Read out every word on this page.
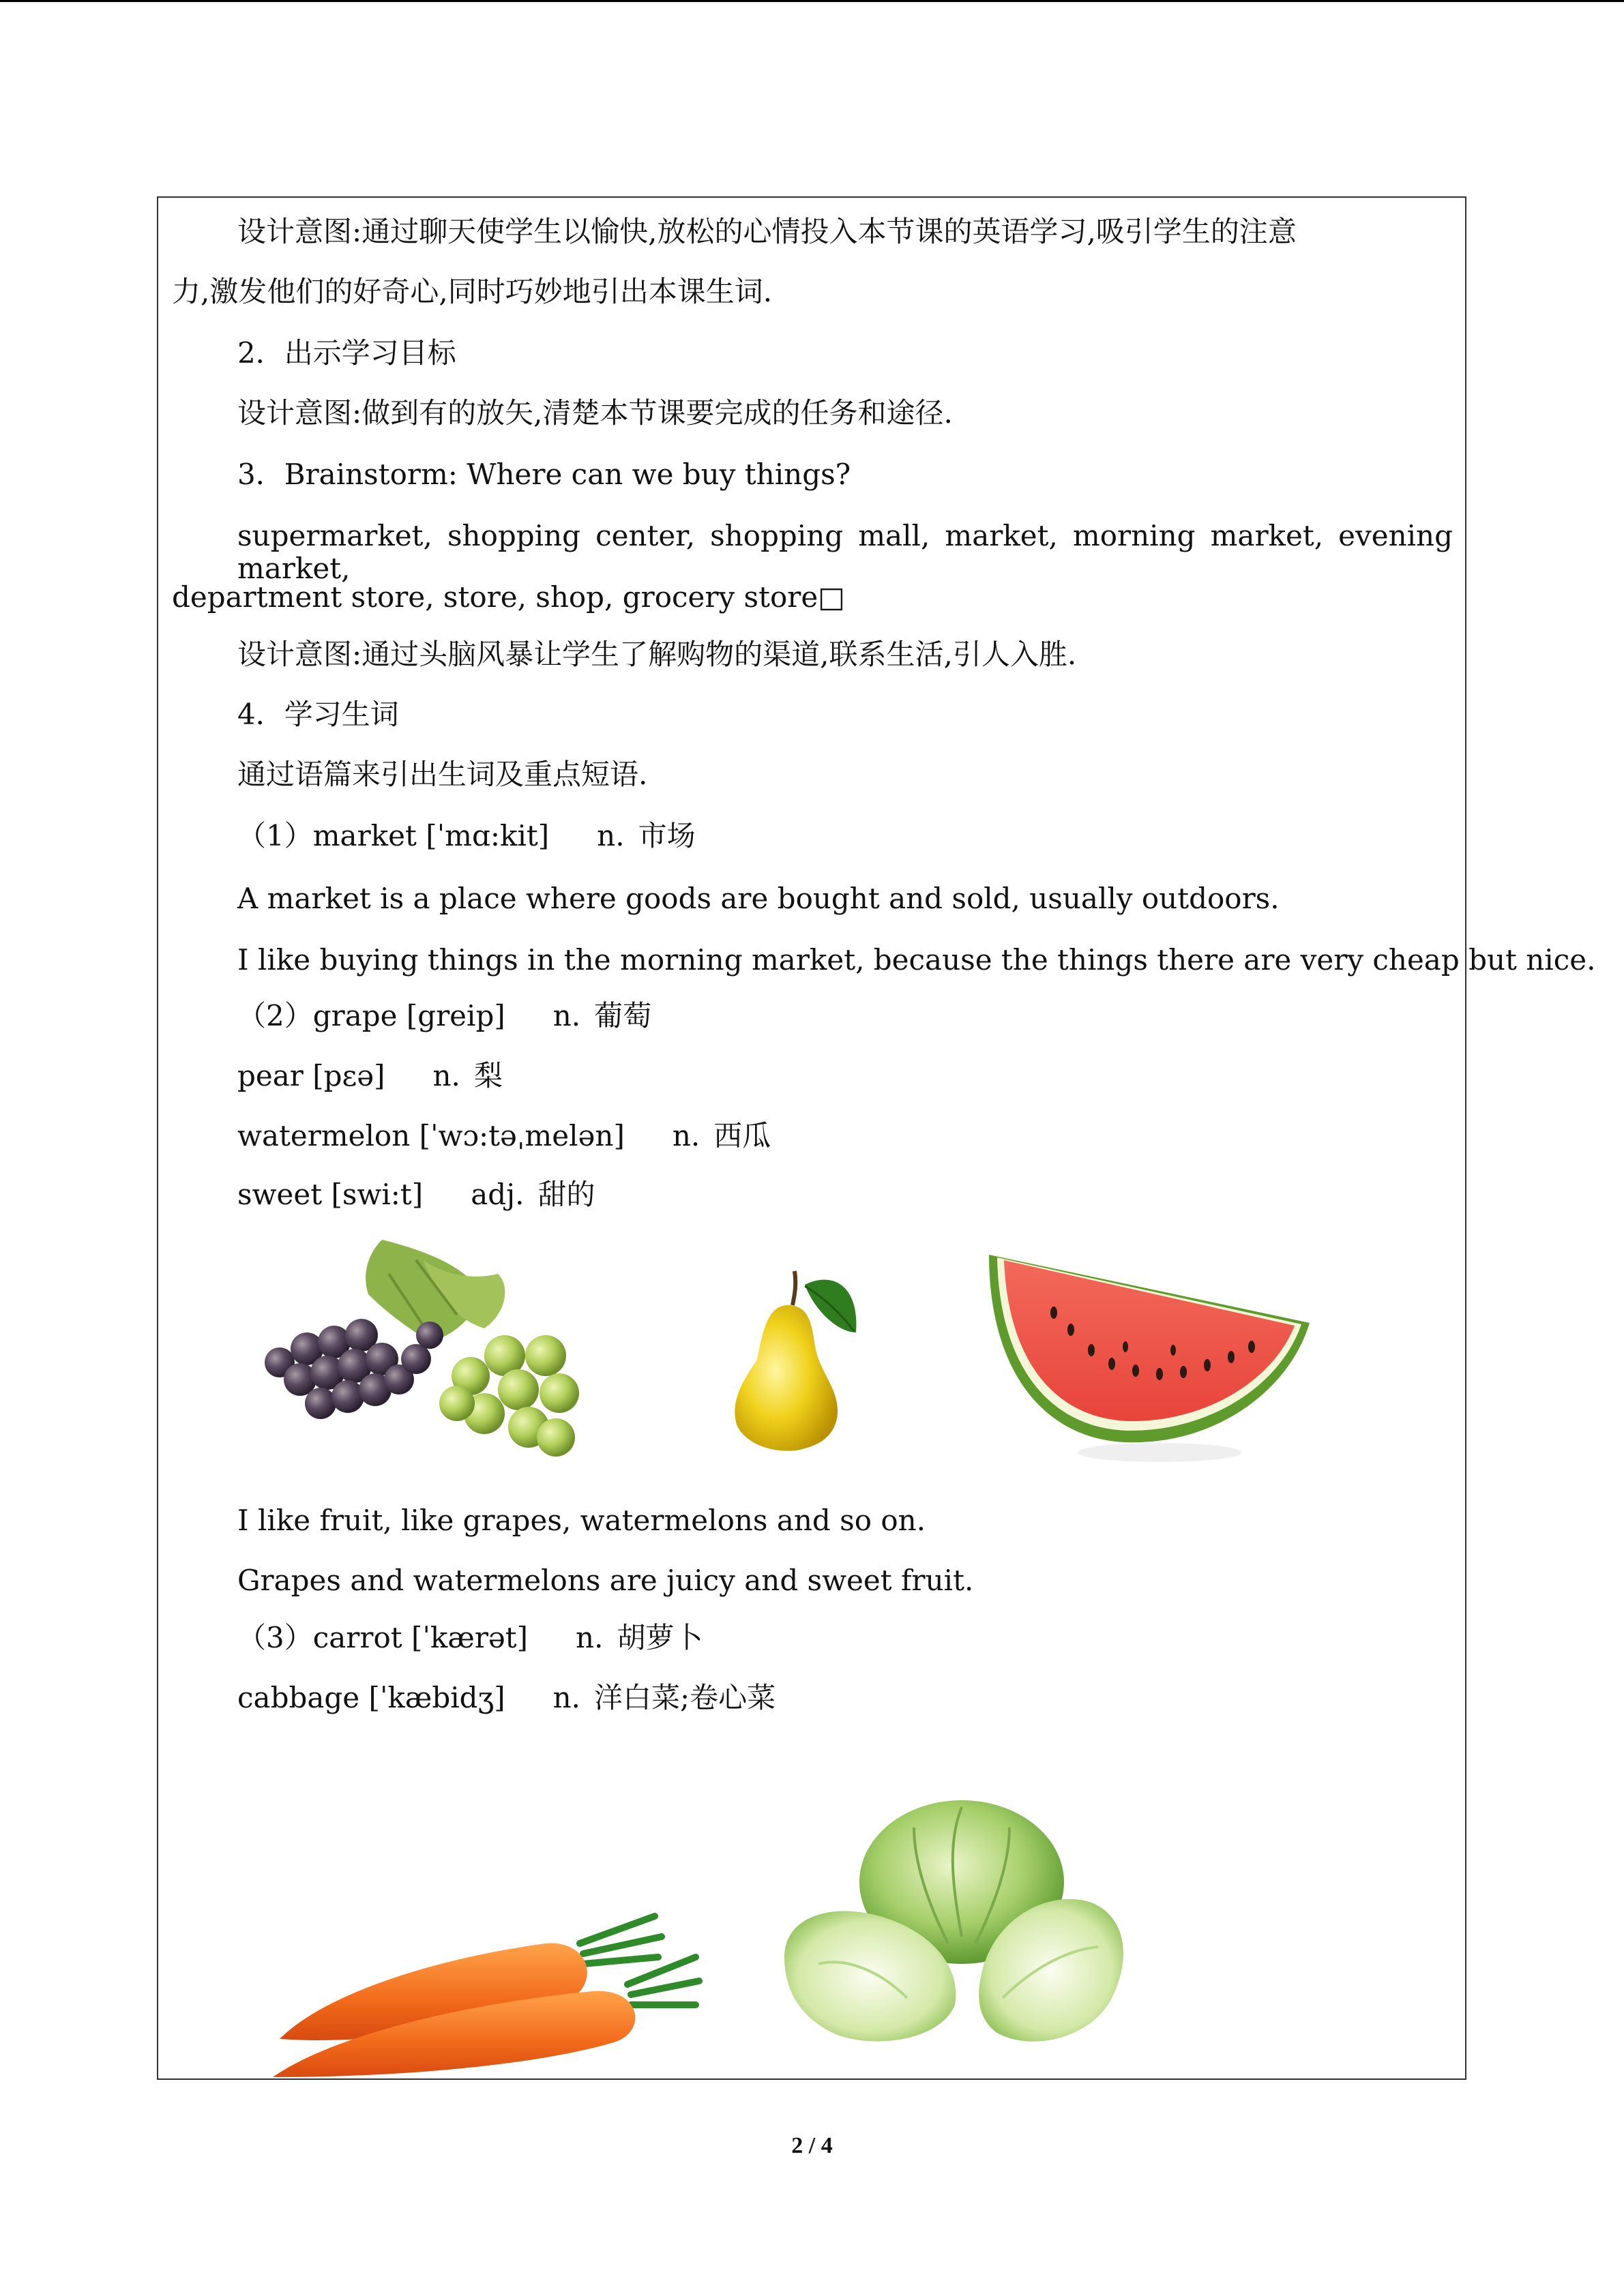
设计意图:通过聊天使学生以愉快,放松的心情投入本节课的英语学习,吸引学生的注意
力,激发他们的好奇心,同时巧妙地引出本课生词.
2．出示学习目标
设计意图:做到有的放矢,清楚本节课要完成的任务和途径.
3．Brainstorm: Where can we buy things?
supermarket, shopping center, shopping mall, market, morning market, evening market,
department store, store, shop, grocery store□
设计意图:通过头脑风暴让学生了解购物的渠道,联系生活,引人入胜.
4．学习生词
通过语篇来引出生词及重点短语.
（1）market [ˈmɑ:kit] n. 市场
A market is a place where goods are bought and sold, usually outdoors.
I like buying things in the morning market, because the things there are very cheap but nice.
（2）grape [greip] n. 葡萄
pear [pεə] n. 梨
watermelon [ˈwɔ:təˌmelən] n. 西瓜
sweet [swi:t] adj. 甜的
I like fruit, like grapes, watermelons and so on.
Grapes and watermelons are juicy and sweet fruit.
（3）carrot [ˈkærət] n. 胡萝卜
cabbage [ˈkæbidʒ] n. 洋白菜;卷心菜
2 / 4
